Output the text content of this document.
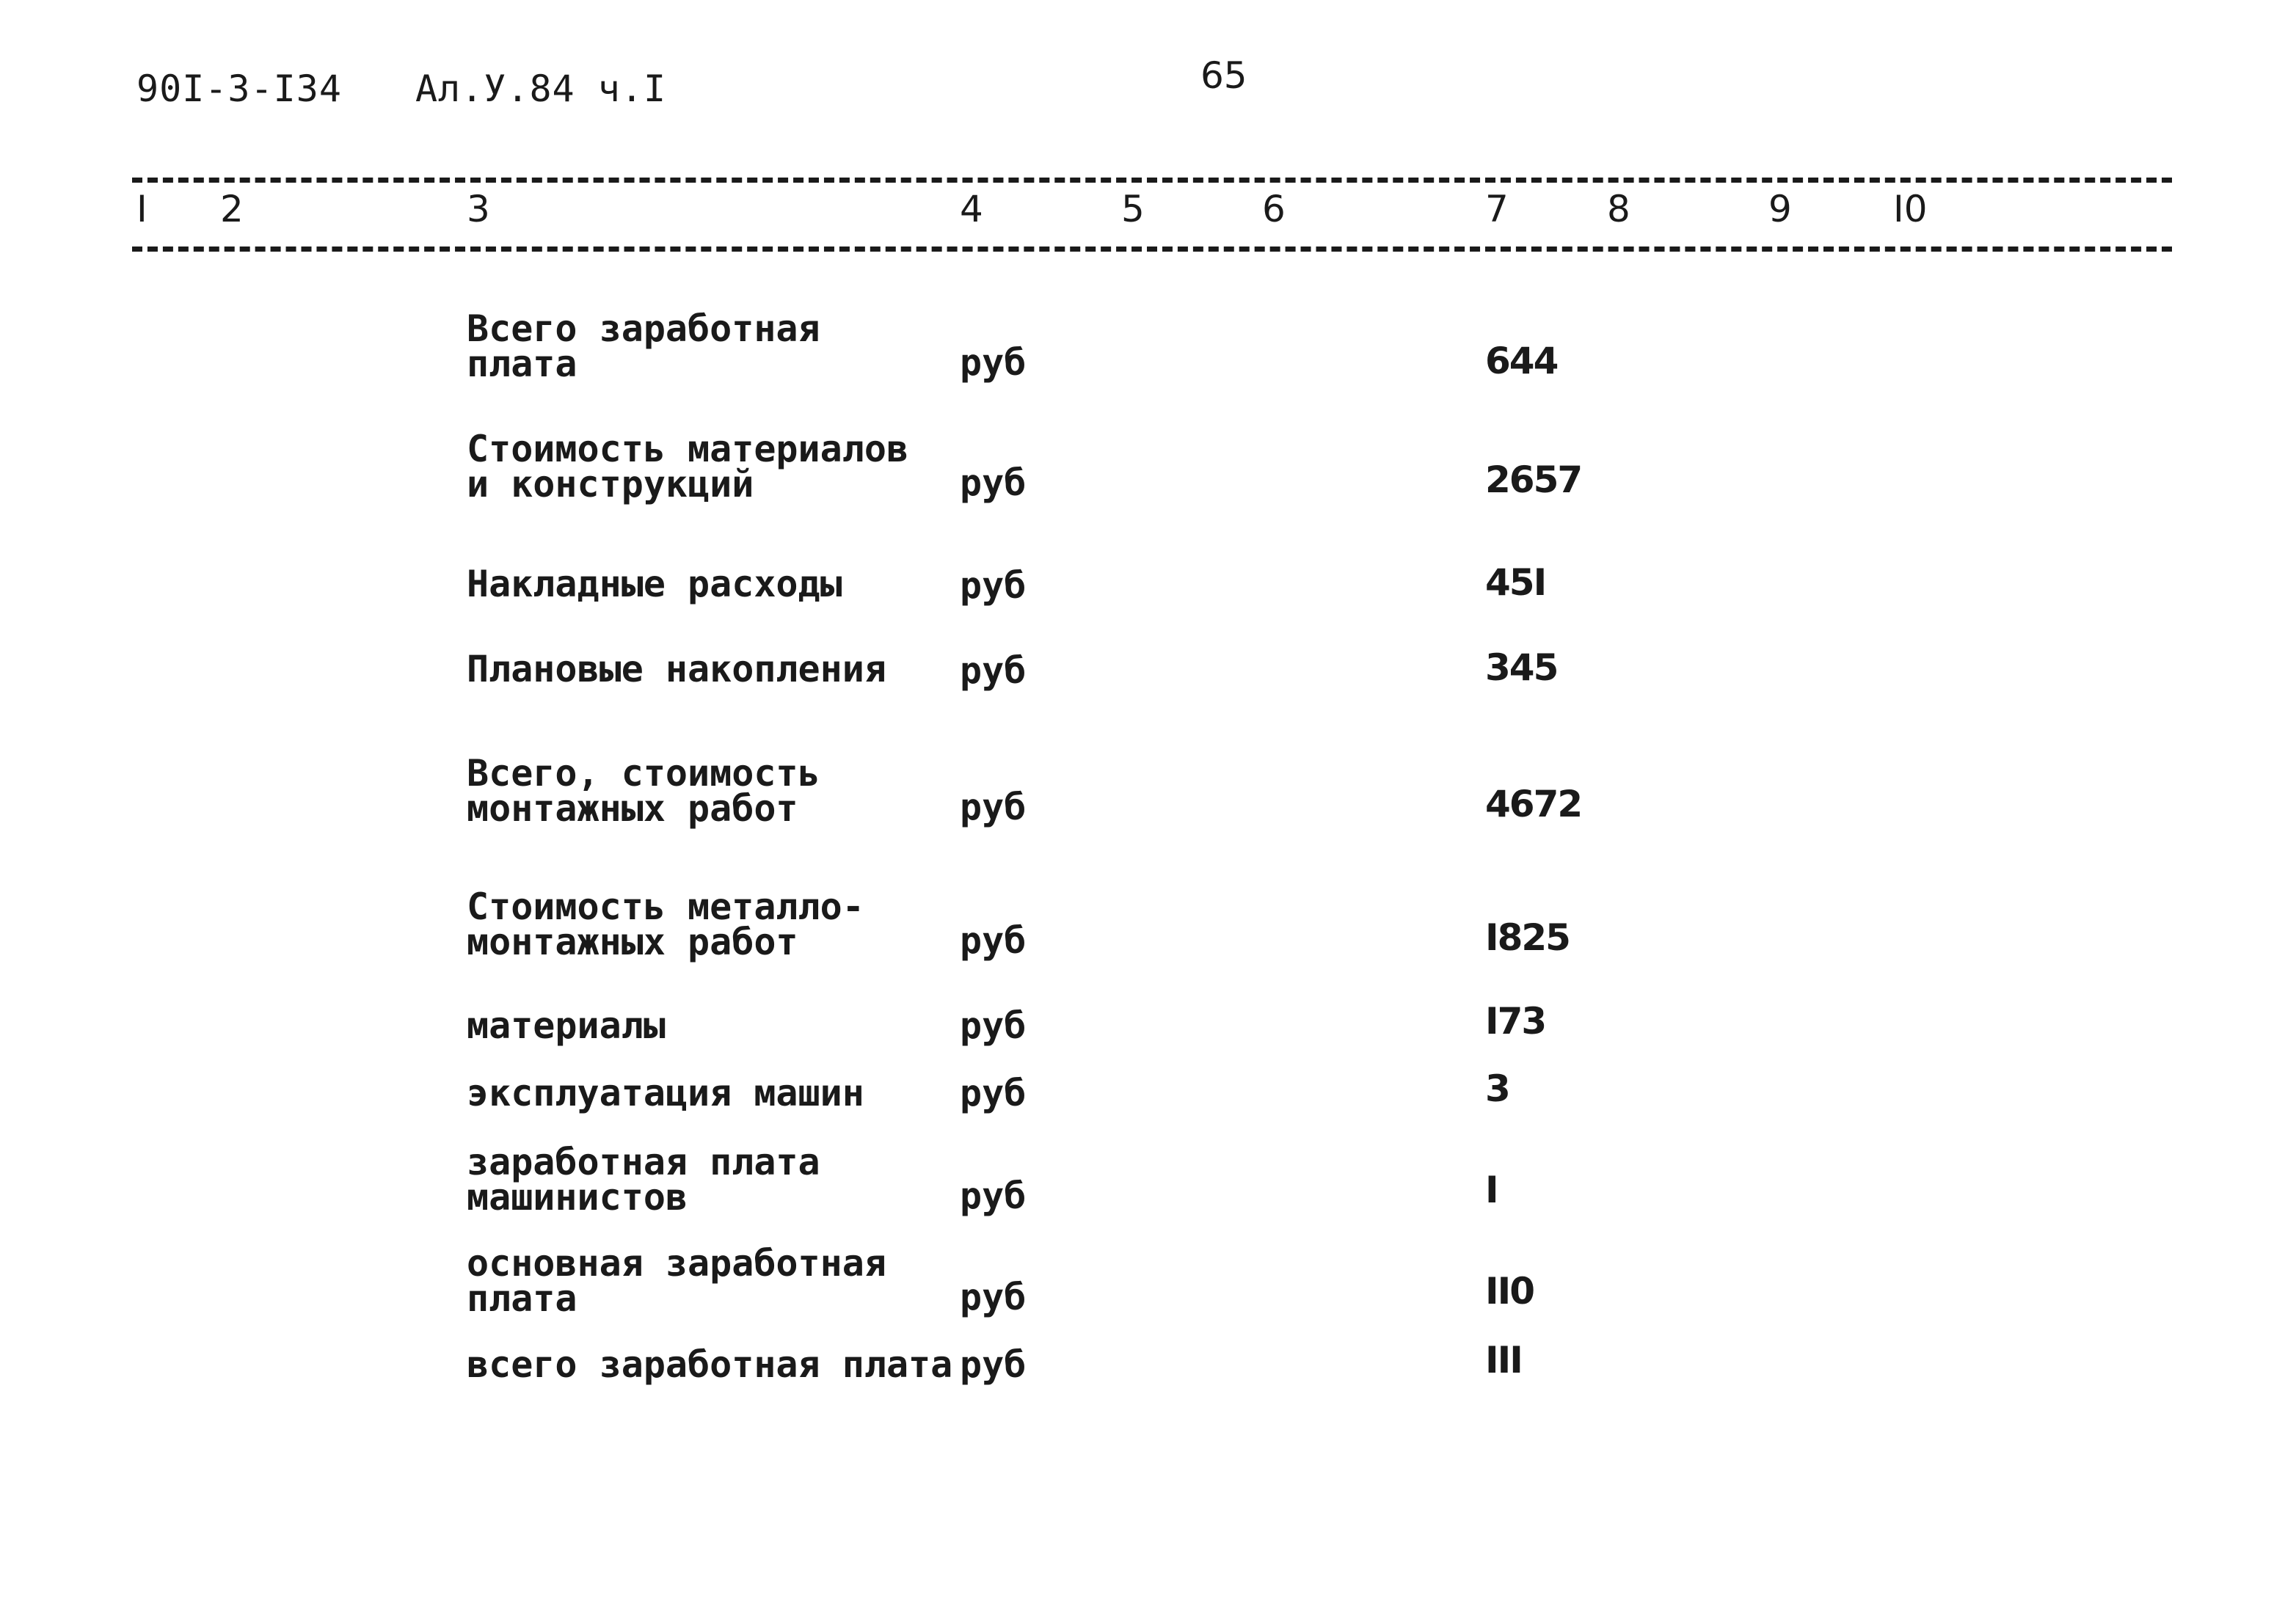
90I-3-I34 Ал.У.84 ч.I	65
I 2	3	4	5	6	7	8	9	I0
Всего заработная
плата	руб	644
Стоимость материалов
и конструкций	руб	2657
Накладные расходы	руб	45I
Плановые накопления руб	345
Всего, стоимость
монтажных работ	руб	4672
Стоимость металло-
монтажных работ	руб	I825
материалы	руб	I73
эксплуатация машин	руб	3
заработная плата
машинистов	руб	I
основная заработная
плата	руб	II0
всего заработная плата руб	III
